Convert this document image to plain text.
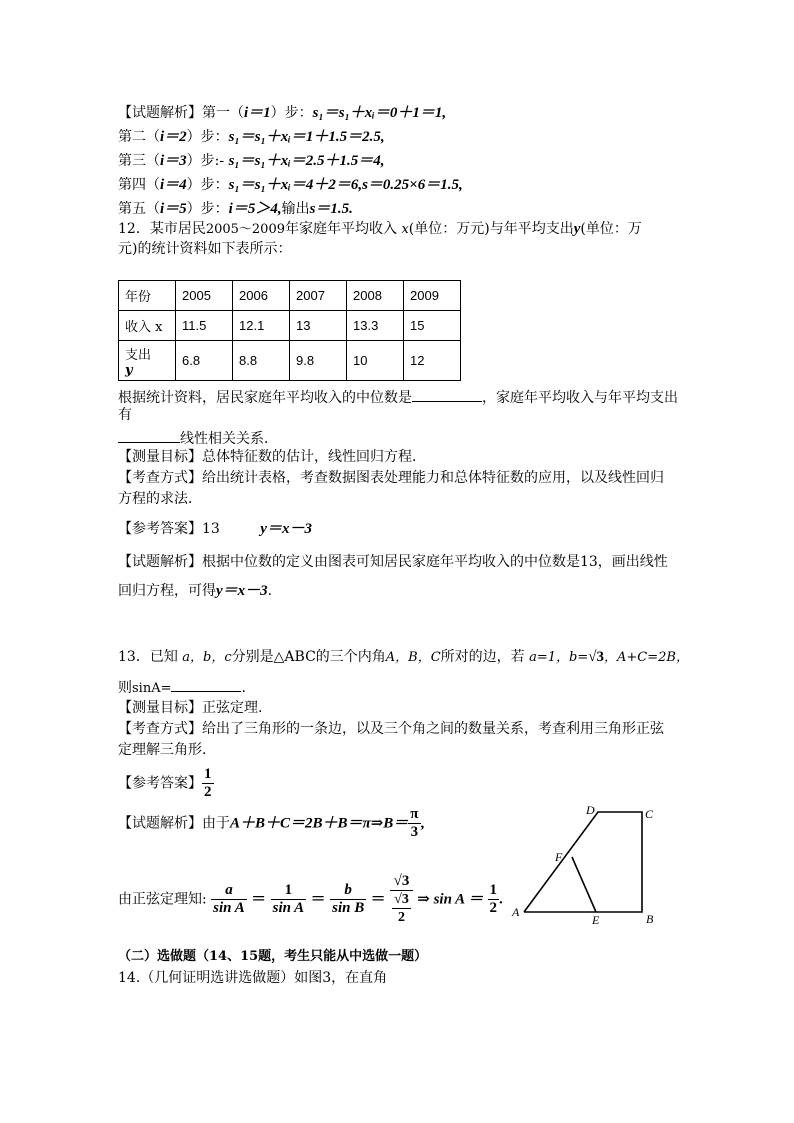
【试题解析】第一（i＝1）步：s₁＝s₁＋xᵢ＝0＋1＝1,
第二（i＝2）步：s₁＝s₁＋xᵢ＝1＋1.5＝2.5,
第三（i＝3）步:- s₁＝s₁＋xᵢ＝2.5＋1.5＝4,
第四（i＝4）步：s₁＝s₁＋xᵢ＝4＋2＝6,s＝0.25×6＝1.5,
第五（i＝5）步：i＝5＞4,输出s＝1.5.
12．某市居民2005～2009年家庭年平均收入 x(单位：万元)与年平均支出y(单位：万
元)的统计资料如下表所示：
年份	2005	2006	2007	2008	2009
收入 x	11.5	12.1	13	13.3	15
支出
y	6.8	8.8	9.8	10	12
根据统计资料，居民家庭年平均收入的中位数是	，家庭年平均收入与年平均支出
有
线性相关关系．
【测量目标】总体特征数的估计，线性回归方程．
【考查方式】给出统计表格，考查数据图表处理能力和总体特征数的应用，以及线性回归
方程的求法．
【参考答案】13	y＝x－3
【试题解析】根据中位数的定义由图表可知居民家庭年平均收入的中位数是13，画出线性
回归方程，可得y＝x－3.
13．已知 a，b，c分别是△ABC的三个内角A，B，C所对的边，若 a=1，b=√3，A+C=2B，
则sinA=	.
【测量目标】正弦定理.
【考查方式】给出了三角形的一条边，以及三个角之间的数量关系，考查利用三角形正弦
定理解三角形.
【参考答案】 $\frac{1}{2}$
【试题解析】由于A＋B＋C＝2B＋B＝π⇒B＝ $\frac{\pi}{3}$ ,
由正弦定理知: $\frac{a}{\text{sin A}} = \frac{1}{\text{sin A}} = \frac{b}{\text{sin B}} = \frac{√3}{\frac{√3}{2}}$ ⇒ $\sin A = \frac{1}{2}$ .
A	B
C
D
E
F
（二）选做题（14、15题，考生只能从中选做一题）
14.（几何证明选讲选做题）如图3，在直角
